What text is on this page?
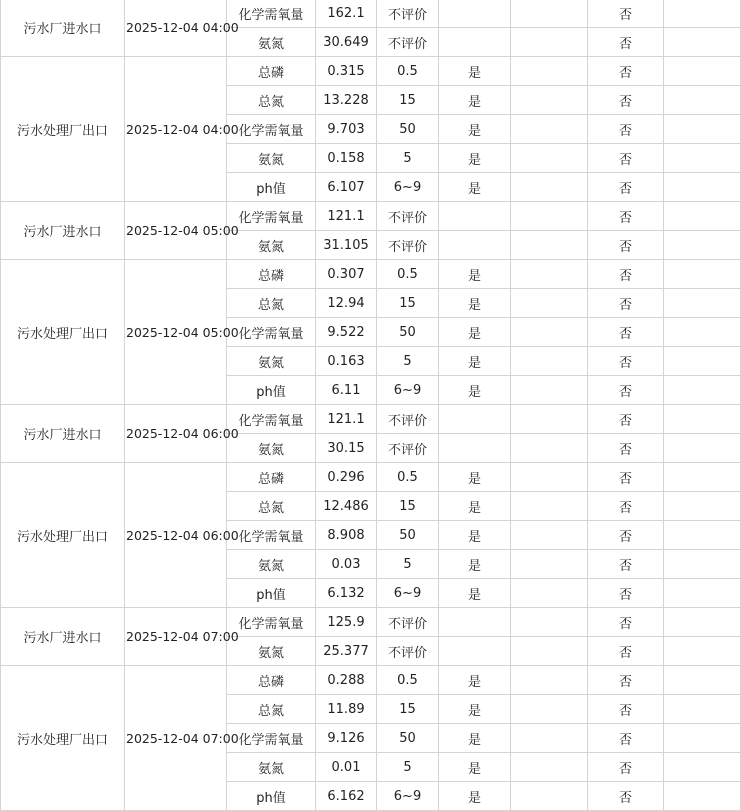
污水厂进水口	2025-12-04 04:00	化学需氧量	162.1	不评价			否	
		氨氮	30.649	不评价			否	
污水处理厂出口	2025-12-04 04:00	总磷	0.315	0.5	是		否	
		总氮	13.228	15	是		否	
		化学需氧量	9.703	50	是		否	
		氨氮	0.158	5	是		否	
		ph值	6.107	6~9	是		否	
污水厂进水口	2025-12-04 05:00	化学需氧量	121.1	不评价			否	
		氨氮	31.105	不评价			否	
污水处理厂出口	2025-12-04 05:00	总磷	0.307	0.5	是		否	
		总氮	12.94	15	是		否	
		化学需氧量	9.522	50	是		否	
		氨氮	0.163	5	是		否	
		ph值	6.11	6~9	是		否	
污水厂进水口	2025-12-04 06:00	化学需氧量	121.1	不评价			否	
		氨氮	30.15	不评价			否	
污水处理厂出口	2025-12-04 06:00	总磷	0.296	0.5	是		否	
		总氮	12.486	15	是		否	
		化学需氧量	8.908	50	是		否	
		氨氮	0.03	5	是		否	
		ph值	6.132	6~9	是		否	
污水厂进水口	2025-12-04 07:00	化学需氧量	125.9	不评价			否	
		氨氮	25.377	不评价			否	
污水处理厂出口	2025-12-04 07:00	总磷	0.288	0.5	是		否	
		总氮	11.89	15	是		否	
		化学需氧量	9.126	50	是		否	
		氨氮	0.01	5	是		否	
		ph值	6.162	6~9	是		否	
